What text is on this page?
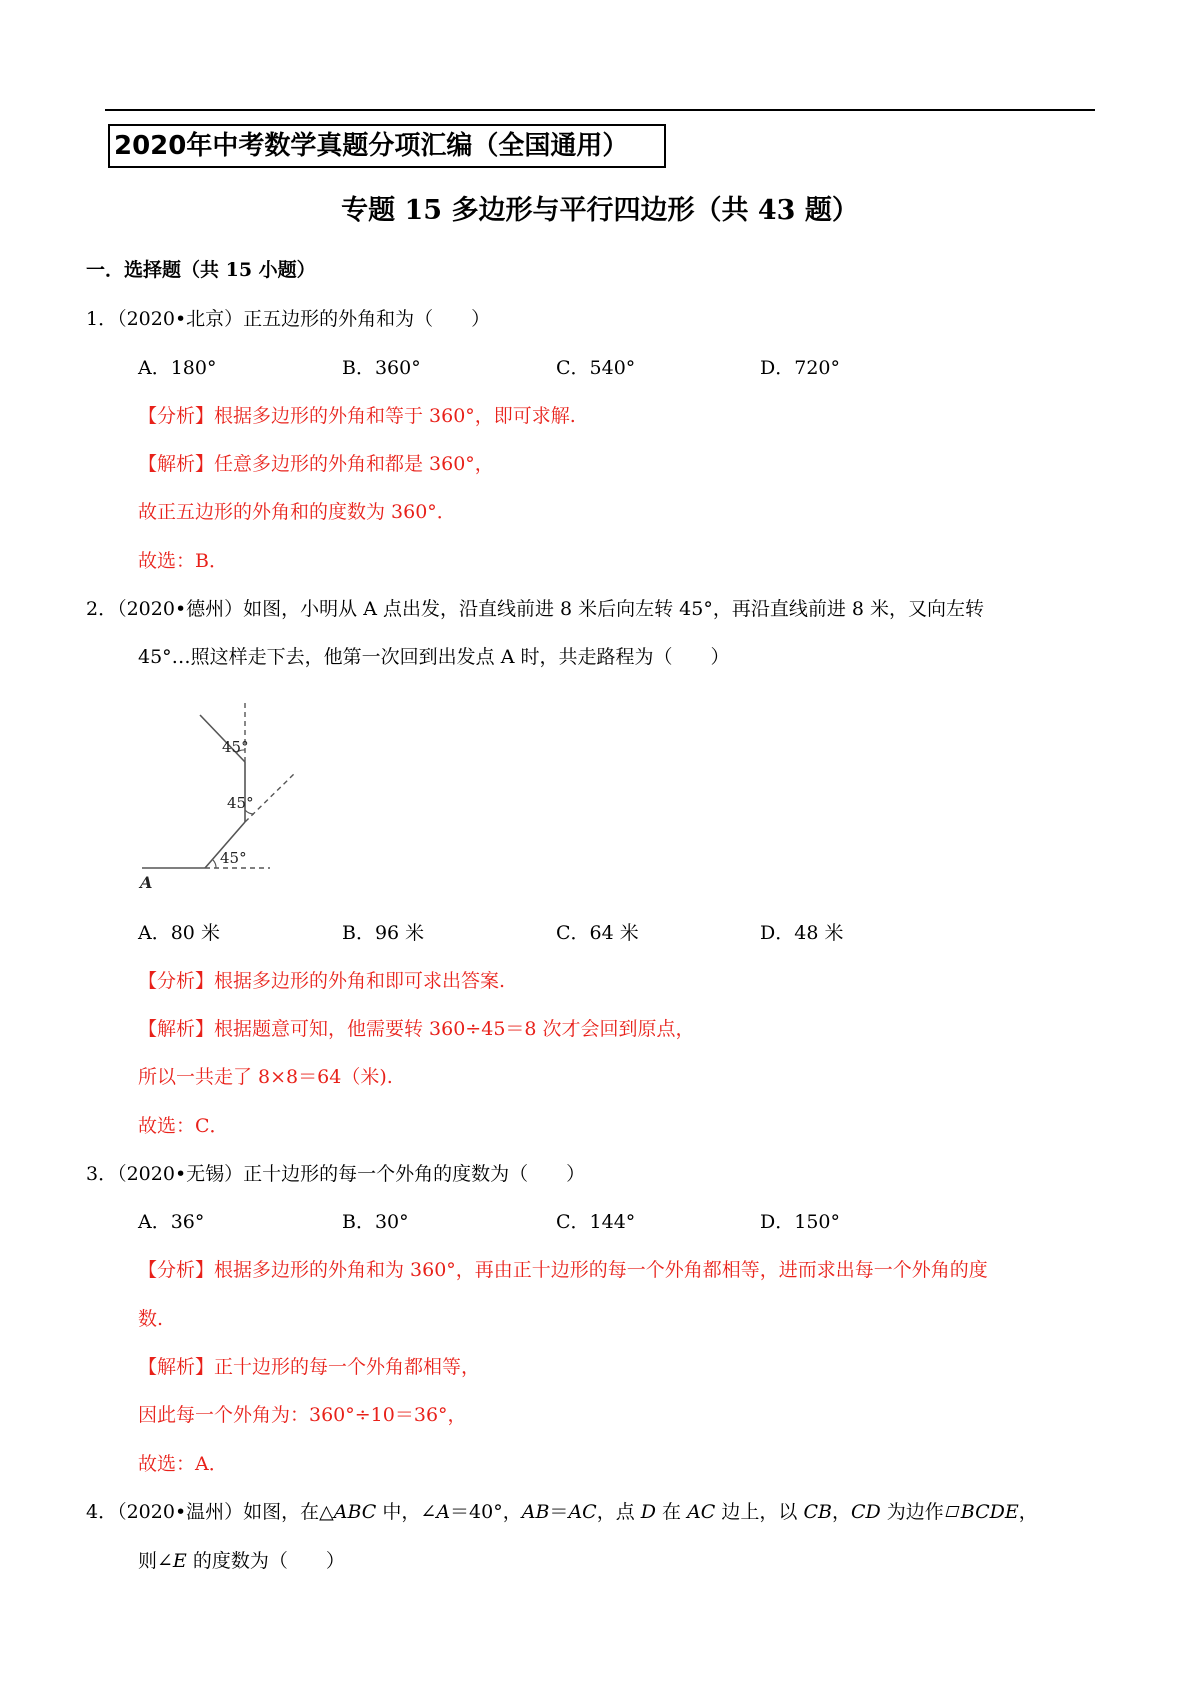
2020年中考数学真题分项汇编（全国通用）
专题 15 多边形与平行四边形（共 43 题）
一．选择题（共 15 小题）
1．（2020•北京）正五边形的外角和为（　　）
A．180°	B．360°	C．540°	D．720°
【分析】根据多边形的外角和等于 360°，即可求解.
【解析】任意多边形的外角和都是 360°，
故正五边形的外角和的度数为 360°．
故选：B．
2．（2020•德州）如图，小明从 A 点出发，沿直线前进 8 米后向左转 45°，再沿直线前进 8 米，又向左转
45°…照这样走下去，他第一次回到出发点 A 时，共走路程为（　　）
45°
45°
45°
A
A．80 米	B．96 米	C．64 米	D．48 米
【分析】根据多边形的外角和即可求出答案.
【解析】根据题意可知，他需要转 360÷45＝8 次才会回到原点，
所以一共走了 8×8＝64（米).
故选：C．
3．（2020•无锡）正十边形的每一个外角的度数为（　　）
A．36°	B．30°	C．144°	D．150°
【分析】根据多边形的外角和为 360°，再由正十边形的每一个外角都相等，进而求出每一个外角的度
数.
【解析】正十边形的每一个外角都相等，
因此每一个外角为：360°÷10＝36°，
故选：A．
4．（2020•温州）如图，在△ABC 中，∠A＝40°，AB＝AC，点 D 在 AC 边上，以 CB，CD 为边作 BCDE，
则∠E 的度数为（　　）
